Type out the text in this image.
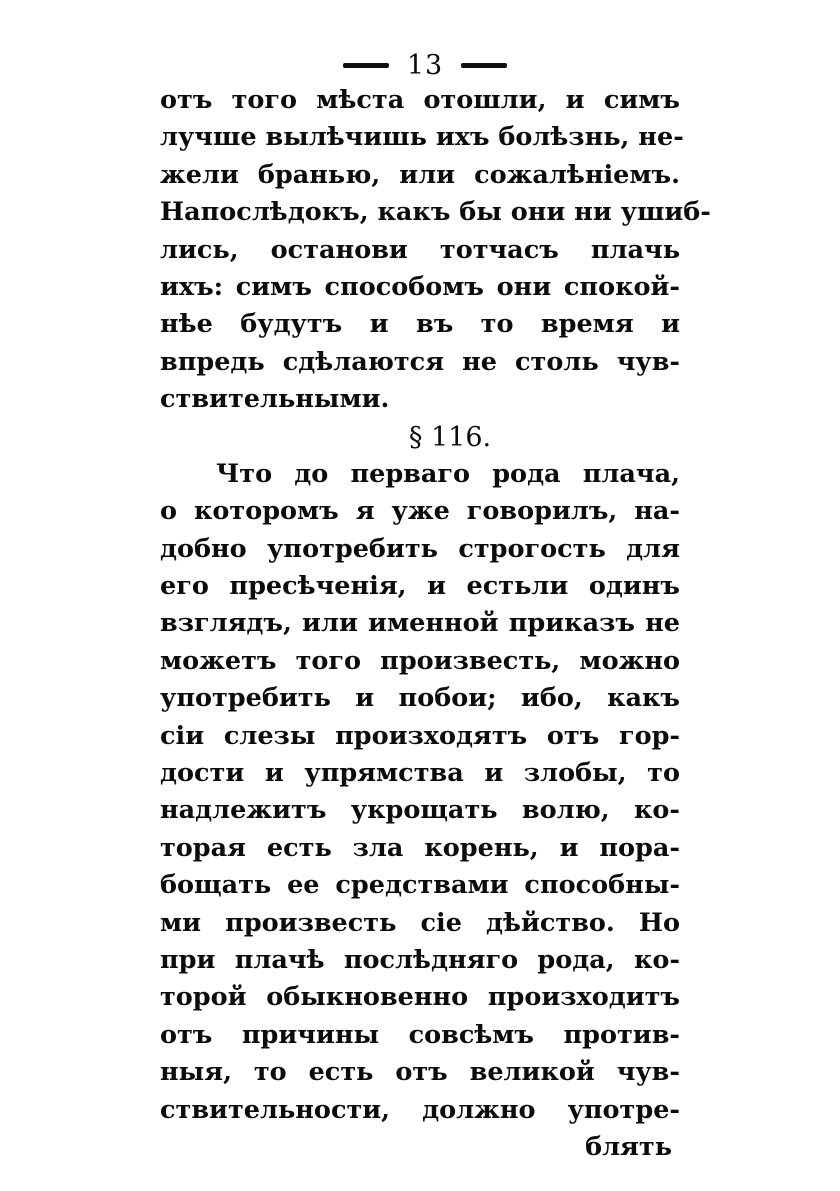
13
отъ того мѣста отошли, и симъ
лучше вылѣчишь ихъ болѣзнь, не-
жели бранью, или сожалѣнiемъ.
Напослѣдокъ, какъ бы они ни ушиб-
лись, останови тотчасъ плачь
ихъ: симъ способомъ они спокой-
нѣе будутъ и въ то время и
впредь сдѣлаются не столь чув-
ствительными.
§ 116.
Что до перваго рода плача,
о которомъ я уже говорилъ, на-
добно употребить строгость для
его пресѣченiя, и естьли одинъ
взглядъ, или именной приказъ не
можетъ того произвесть, можно
употребить и побои; ибо, какъ
сiи слезы произходятъ отъ гор-
дости и упрямства и злобы, то
надлежитъ укрощать волю, ко-
торая есть зла корень, и пора-
бощать ее средствами способны-
ми произвесть сiе дѣйство. Но
при плачѣ послѣдняго рода, ко-
торой обыкновенно произходитъ
отъ причины совсѣмъ против-
ныя, то есть отъ великой чув-
ствительности, должно употре-
блять
